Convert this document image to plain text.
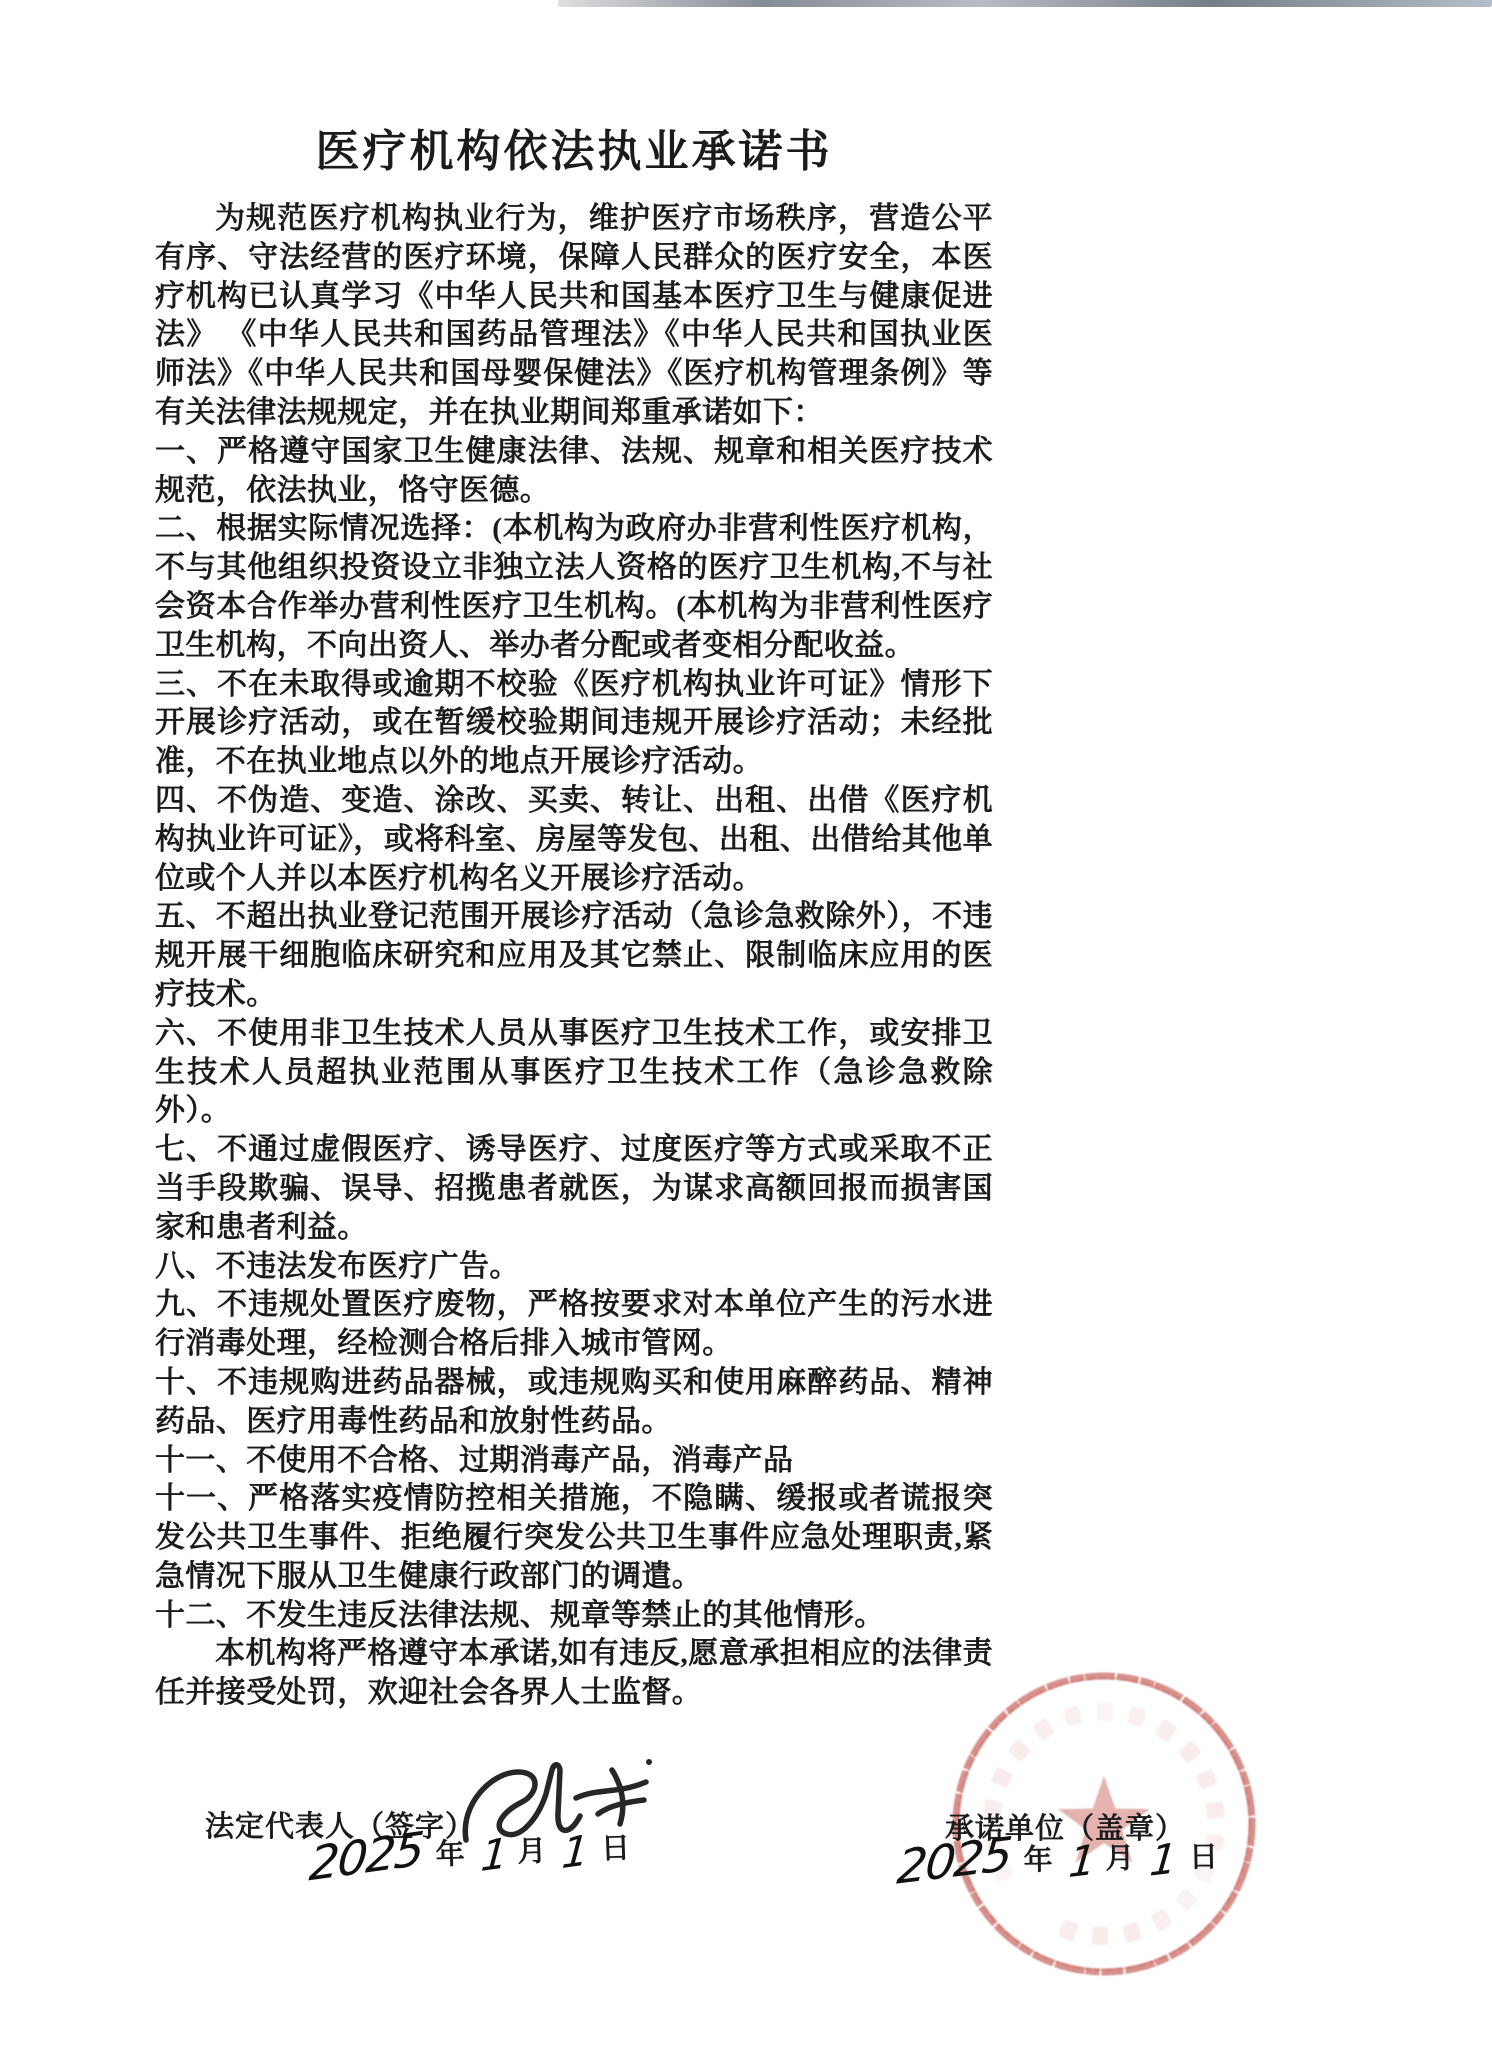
医疗机构依法执业承诺书

为规范医疗机构执业行为，维护医疗市场秩序，营造公平有序、守法经营的医疗环境，保障人民群众的医疗安全，本医疗机构已认真学习《中华人民共和国基本医疗卫生与健康促进法》 《中华人民共和国药品管理法》《中华人民共和国执业医师法》《中华人民共和国母婴保健法》《医疗机构管理条例》等有关法律法规规定，并在执业期间郑重承诺如下：

一、严格遵守国家卫生健康法律、法规、规章和相关医疗技术规范，依法执业，恪守医德。

二、根据实际情况选择：(本机构为政府办非营利性医疗机构，不与其他组织投资设立非独立法人资格的医疗卫生机构,不与社会资本合作举办营利性医疗卫生机构。(本机构为非营利性医疗卫生机构，不向出资人、举办者分配或者变相分配收益。

三、不在未取得或逾期不校验《医疗机构执业许可证》情形下开展诊疗活动，或在暂缓校验期间违规开展诊疗活动；未经批准，不在执业地点以外的地点开展诊疗活动。

四、不伪造、变造、涂改、买卖、转让、出租、出借《医疗机构执业许可证》，或将科室、房屋等发包、出租、出借给其他单位或个人并以本医疗机构名义开展诊疗活动。

五、不超出执业登记范围开展诊疗活动（急诊急救除外），不违规开展干细胞临床研究和应用及其它禁止、限制临床应用的医疗技术。

六、不使用非卫生技术人员从事医疗卫生技术工作，或安排卫生技术人员超执业范围从事医疗卫生技术工作（急诊急救除外）。

七、不通过虚假医疗、诱导医疗、过度医疗等方式或采取不正当手段欺骗、误导、招揽患者就医，为谋求高额回报而损害国家和患者利益。

八、不违法发布医疗广告。

九、不违规处置医疗废物，严格按要求对本单位产生的污水进行消毒处理，经检测合格后排入城市管网。

十、不违规购进药品器械，或违规购买和使用麻醉药品、精神药品、医疗用毒性药品和放射性药品。

十一、不使用不合格、过期消毒产品，消毒产品

十一、严格落实疫情防控相关措施，不隐瞒、缓报或者谎报突发公共卫生事件、拒绝履行突发公共卫生事件应急处理职责,紧急情况下服从卫生健康行政部门的调遣。

十二、不发生违反法律法规、规章等禁止的其他情形。

本机构将严格遵守本承诺,如有违反,愿意承担相应的法律责任并接受处罚，欢迎社会各界人士监督。

法定代表人（签字）
2025 年 1 月 1 日
承诺单位（盖章）
2025 年 1 月 1 日
